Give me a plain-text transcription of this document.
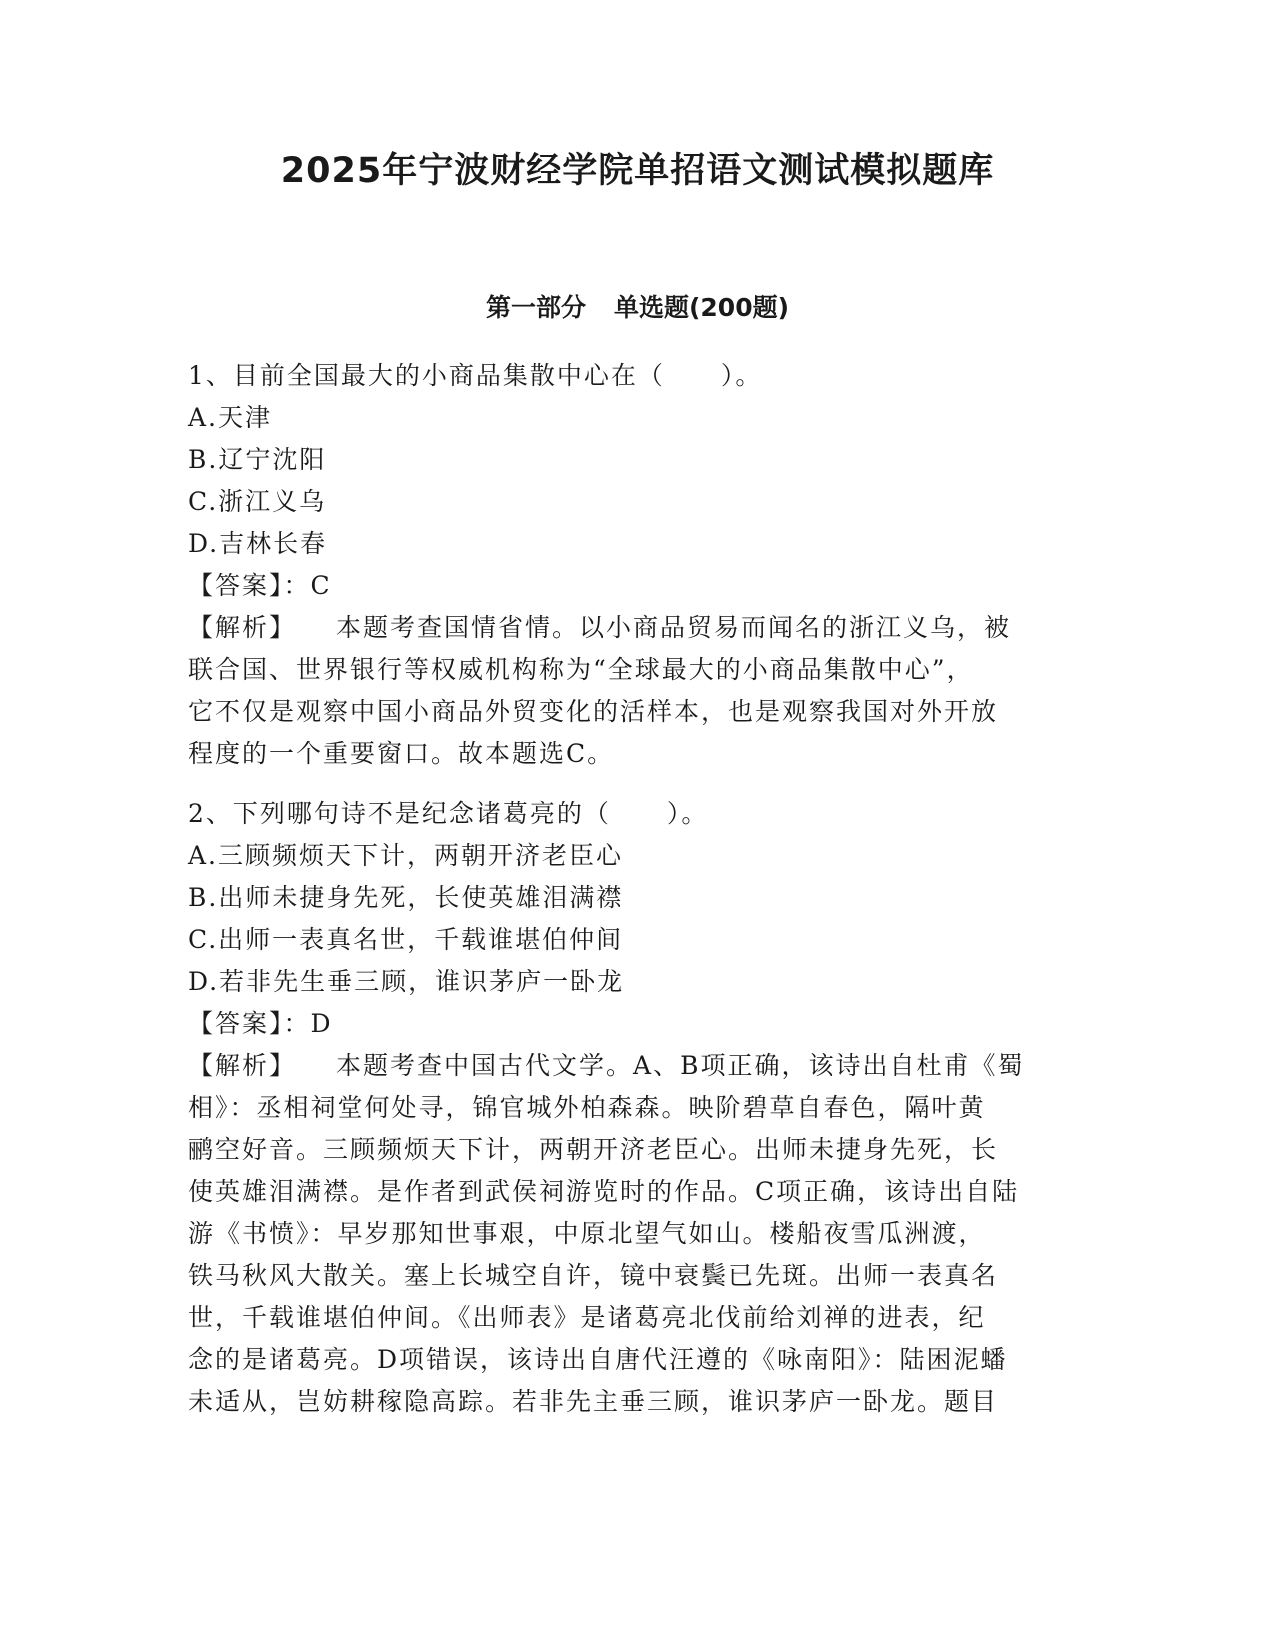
2025年宁波财经学院单招语文测试模拟题库
第一部分 单选题(200题)
1、目前全国最大的小商品集散中心在（ ）。
A.天津
B.辽宁沈阳
C.浙江义乌
D.吉林长春
【答案】：C
【解析】 本题考查国情省情。以小商品贸易而闻名的浙江义乌，被
联合国、世界银行等权威机构称为“全球最大的小商品集散中心”，
它不仅是观察中国小商品外贸变化的活样本，也是观察我国对外开放
程度的一个重要窗口。故本题选C。
2、下列哪句诗不是纪念诸葛亮的（ ）。
A.三顾频烦天下计，两朝开济老臣心
B.出师未捷身先死，长使英雄泪满襟
C.出师一表真名世，千载谁堪伯仲间
D.若非先生垂三顾，谁识茅庐一卧龙
【答案】：D
【解析】 本题考查中国古代文学。A、B项正确，该诗出自杜甫《蜀
相》：丞相祠堂何处寻，锦官城外柏森森。映阶碧草自春色，隔叶黄
鹂空好音。三顾频烦天下计，两朝开济老臣心。出师未捷身先死，长
使英雄泪满襟。是作者到武侯祠游览时的作品。C项正确，该诗出自陆
游《书愤》：早岁那知世事艰，中原北望气如山。楼船夜雪瓜洲渡，
铁马秋风大散关。塞上长城空自许，镜中衰鬓已先斑。出师一表真名
世，千载谁堪伯仲间。《出师表》是诸葛亮北伐前给刘禅的进表，纪
念的是诸葛亮。D项错误，该诗出自唐代汪遵的《咏南阳》：陆困泥蟠
未适从，岂妨耕稼隐高踪。若非先主垂三顾，谁识茅庐一卧龙。题目
